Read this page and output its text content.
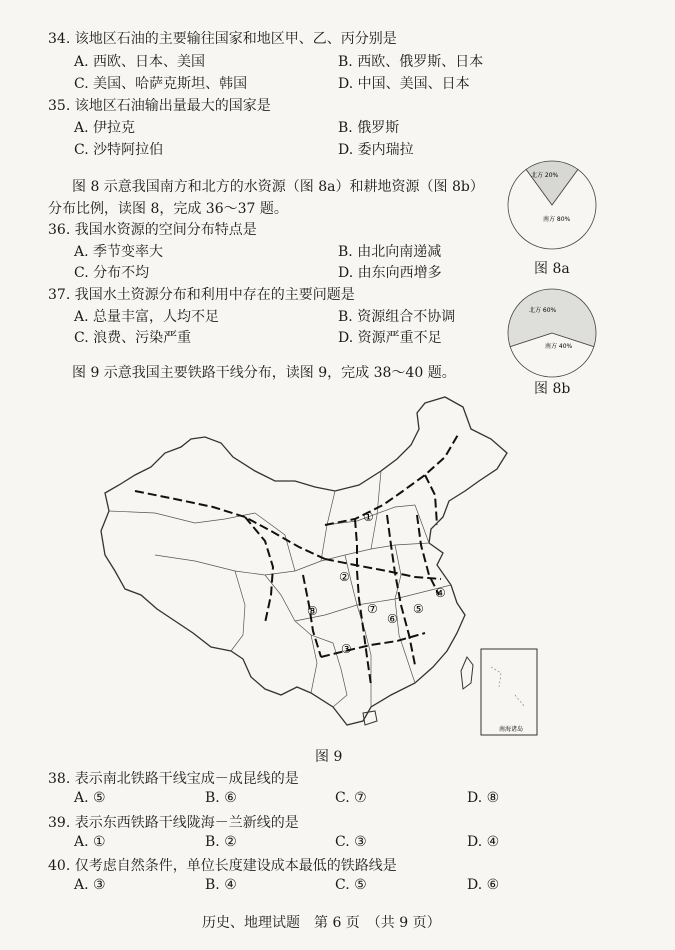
34. 该地区石油的主要输往国家和地区甲、乙、丙分别是
A. 西欧、日本、美国	B. 西欧、俄罗斯、日本
C. 美国、哈萨克斯坦、韩国	D. 中国、美国、日本
35. 该地区石油输出量最大的国家是
A. 伊拉克	B. 俄罗斯
C. 沙特阿拉伯	D. 委内瑞拉
图 8 示意我国南方和北方的水资源（图 8a）和耕地资源（图 8b）
分布比例，读图 8，完成 36～37 题。
36. 我国水资源的空间分布特点是
A. 季节变率大	B. 由北向南递减
C. 分布不均	D. 由东向西增多
37. 我国水土资源分布和利用中存在的主要问题是
A. 总量丰富，人均不足	B. 资源组合不协调
C. 浪费、污染严重	D. 资源严重不足
图 9 示意我国主要铁路干线分布，读图 9，完成 38～40 题。
北方 20%
南方 80%
图 8a
北方 60%
南方 40%
图 8b
①
②
③
④
⑤
⑥
⑦
⑧
南海诸岛
图 9
38. 表示南北铁路干线宝成－成昆线的是
A. ⑤	B. ⑥	C. ⑦	D. ⑧
39. 表示东西铁路干线陇海－兰新线的是
A. ①	B. ②	C. ③	D. ④
40. 仅考虑自然条件，单位长度建设成本最低的铁路线是
A. ③	B. ④	C. ⑤	D. ⑥
历史、地理试题　第 6 页　（共 9 页）
